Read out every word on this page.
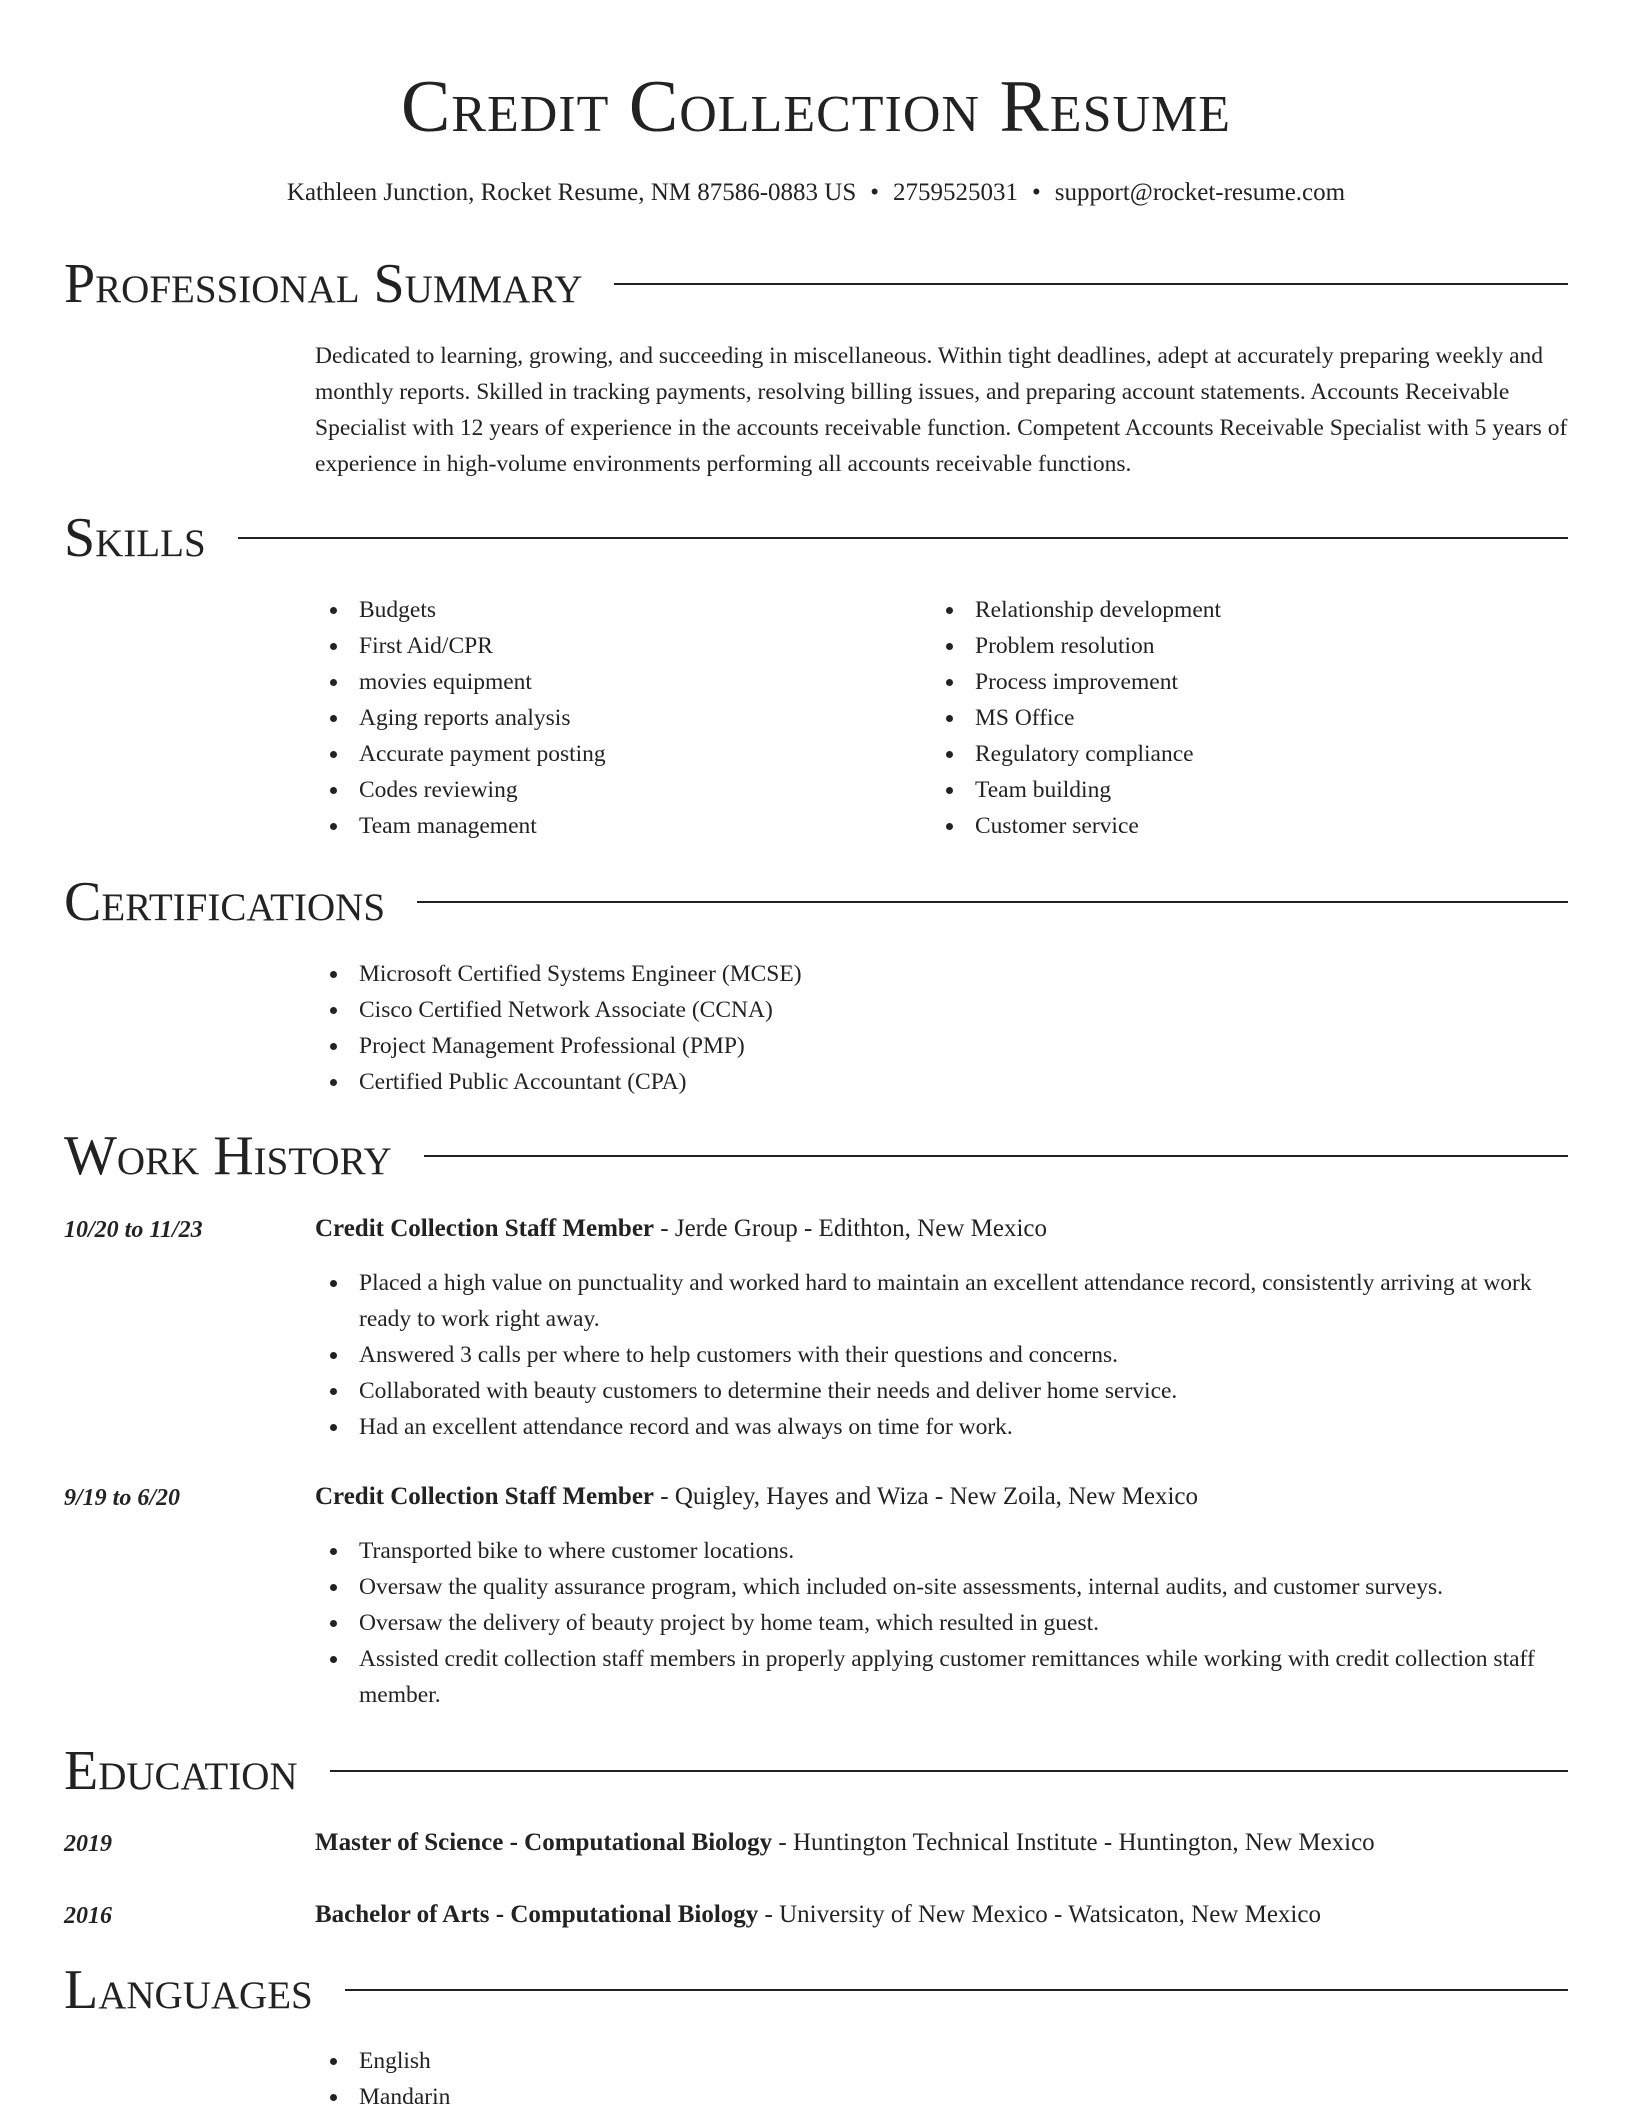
Credit Collection Resume
Kathleen Junction, Rocket Resume, NM 87586-0883 US • 2759525031 • support@rocket-resume.com
Professional Summary

Dedicated to learning, growing, and succeeding in miscellaneous. Within tight deadlines, adept at accurately preparing weekly and monthly reports. Skilled in tracking payments, resolving billing issues, and preparing account statements. Accounts Receivable Specialist with 12 years of experience in the accounts receivable function. Competent Accounts Receivable Specialist with 5 years of experience in high-volume environments performing all accounts receivable functions.

Skills
Budgets
First Aid/CPR
movies equipment
Aging reports analysis
Accurate payment posting
Codes reviewing
Team management
Relationship development
Problem resolution
Process improvement
MS Office
Regulatory compliance
Team building
Customer service
Certifications
Microsoft Certified Systems Engineer (MCSE)
Cisco Certified Network Associate (CCNA)
Project Management Professional (PMP)
Certified Public Accountant (CPA)
Work History
10/20 to 11/23	Credit Collection Staff Member - Jerde Group - Edithton, New Mexico
Placed a high value on punctuality and worked hard to maintain an excellent attendance record, consistently arriving at work ready to work right away.
Answered 3 calls per where to help customers with their questions and concerns.
Collaborated with beauty customers to determine their needs and deliver home service.
Had an excellent attendance record and was always on time for work.
9/19 to 6/20	Credit Collection Staff Member - Quigley, Hayes and Wiza - New Zoila, New Mexico
Transported bike to where customer locations.
Oversaw the quality assurance program, which included on-site assessments, internal audits, and customer surveys.
Oversaw the delivery of beauty project by home team, which resulted in guest.
Assisted credit collection staff members in properly applying customer remittances while working with credit collection staff member.
Education
2019	Master of Science - Computational Biology - Huntington Technical Institute - Huntington, New Mexico
2016	Bachelor of Arts - Computational Biology - University of New Mexico - Watsicaton, New Mexico
Languages
English
Mandarin
